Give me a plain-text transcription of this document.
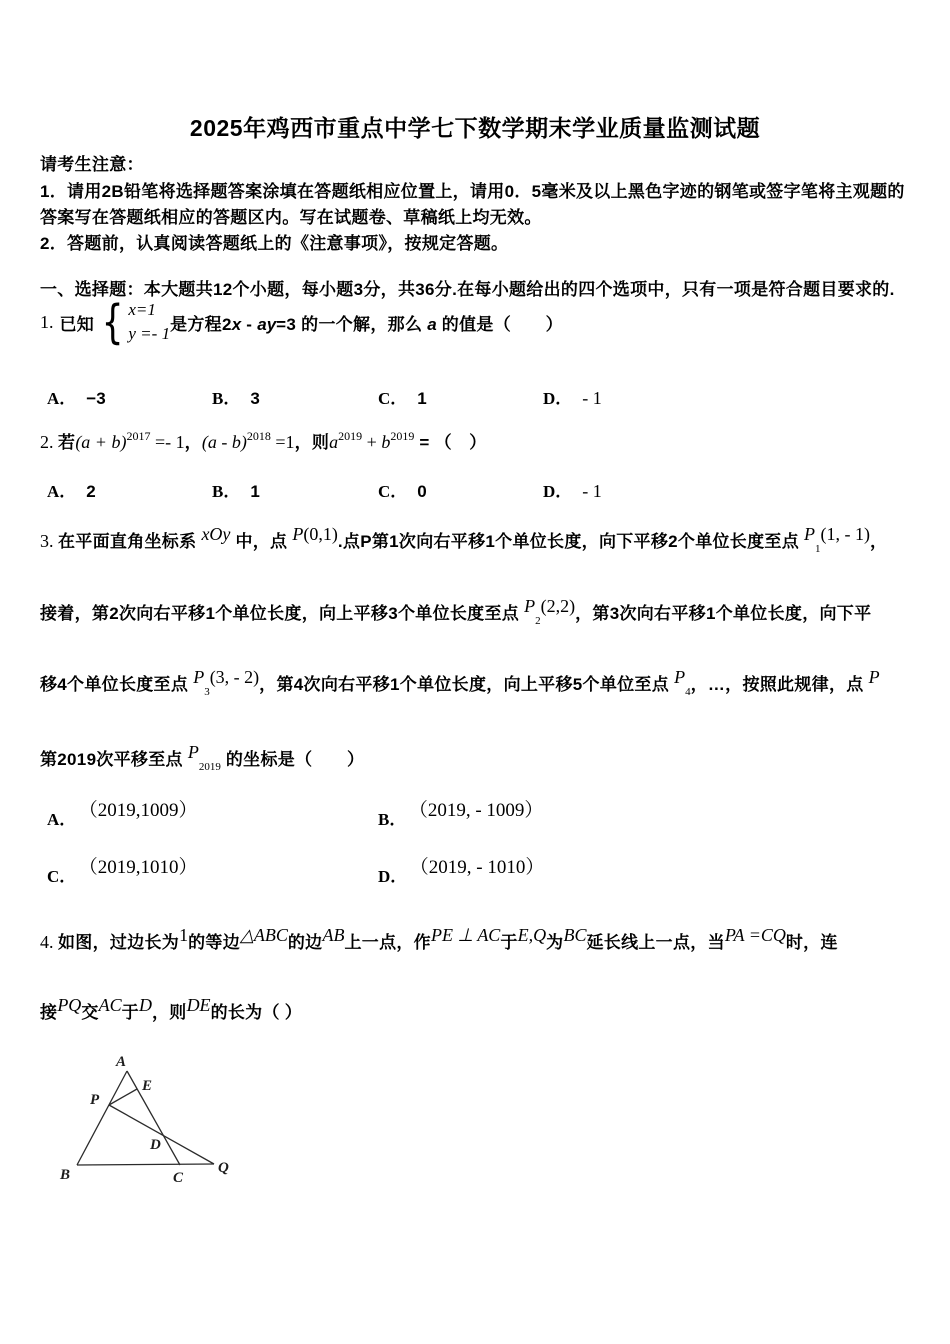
2025年鸡西市重点中学七下数学期末学业质量监测试题
请考生注意：
1．请用2B铅笔将选择题答案涂填在答题纸相应位置上，请用0．5毫米及以上黑色字迹的钢笔或签字笔将主观题的
答案写在答题纸相应的答题区内。写在试题卷、草稿纸上均无效。
2．答题前，认真阅读答题纸上的《注意事项》，按规定答题。
一、选择题：本大题共12个小题，每小题3分，共36分.在每小题给出的四个选项中，只有一项是符合题目要求的.
1. 已知 { x=1
y =- 1 是方程2x - ay=3 的一个解，那么 a 的值是（　　）
A． −3	B． 3	C． 1	D． - 1
2. 若$(a + b)^{2017} =- 1$，(a - b)$^{2018}$ =1，则$a^{2019} + b^{2019}$ = （　）
A． 2	B． 1	C． 0	D． - 1
3. 在平面直角坐标系 xOy 中，点 P(0,1).点P第1次向右平移1个单位长度，向下平移2个单位长度至点 $P_1(1$, - 1)，
接着，第2次向右平移1个单位长度，向上平移3个单位长度至点 $P_2(2,2)$，第3次向右平移1个单位长度，向下平
移4个单位长度至点 $P_3(3$, - 2)，第4次向右平移1个单位长度，向上平移5个单位至点 $P_4$，…，按照此规律，点 P
第2019次平移至点 $P_{2019}$ 的坐标是（　　）
A． （2019,1009）	B． （2019, - 1009）
C． （2019,1010）	D． （2019, - 1010）
4. 如图，过边长为1的等边△ABC的边AB上一点，作PE ⊥ AC于E,Q为BC延长线上一点，当PA =CQ时，连
接PQ交AC于D，则DE的长为（ ）
A
E
P
D
B	C
Q
